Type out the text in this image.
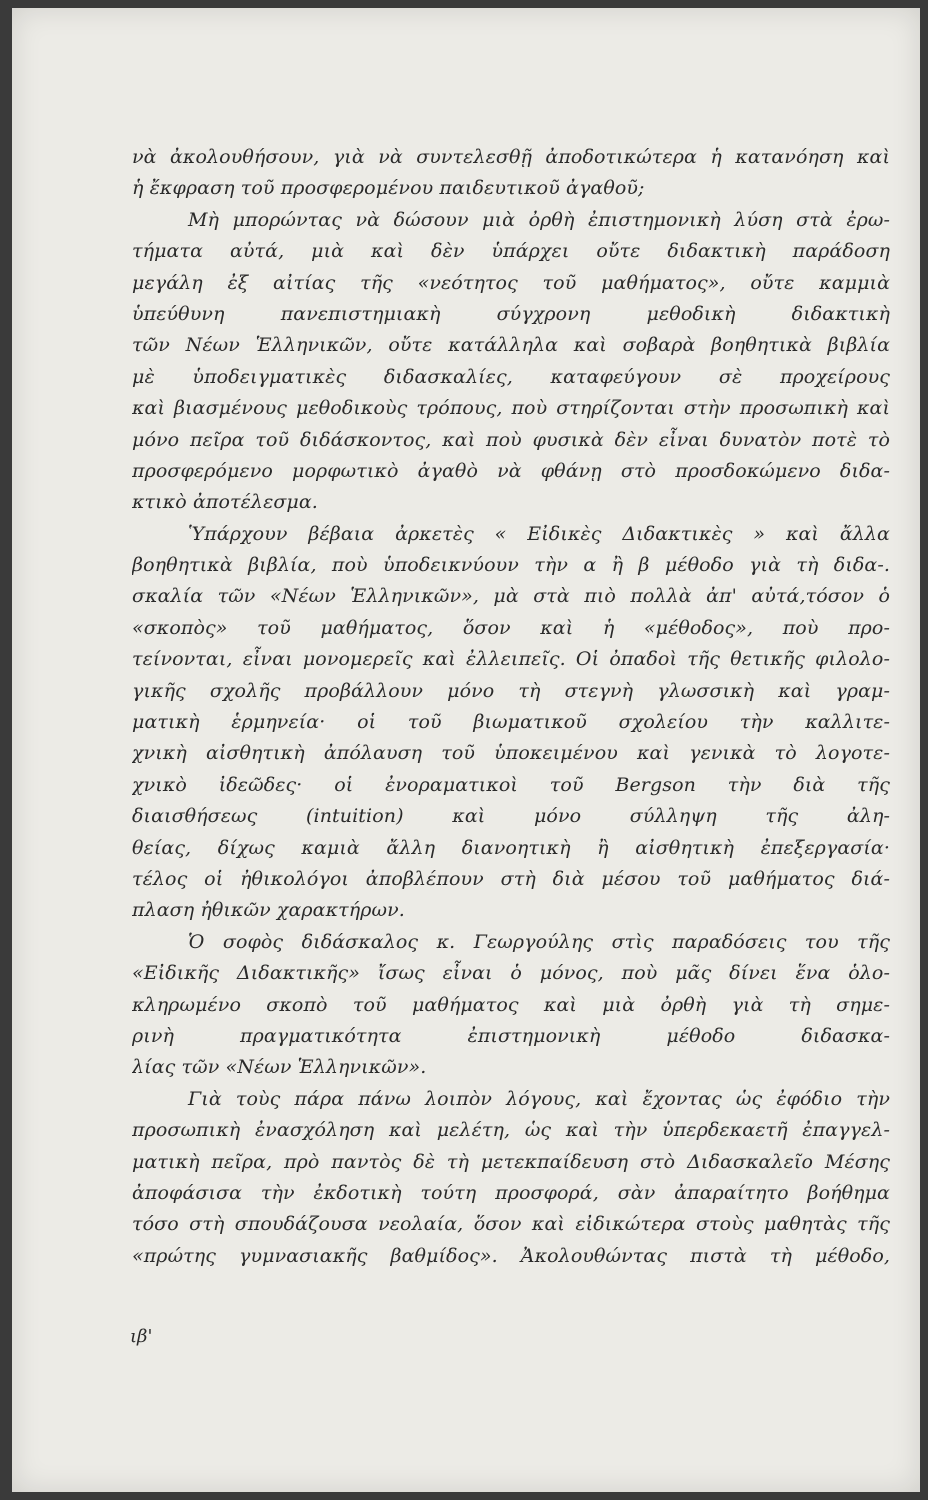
νὰ ἀκολουθήσουν, γιὰ νὰ συντελεσθῇ ἀποδοτικώτερα ἡ κατανόηση καὶ
ἡ ἔκφραση τοῦ προσφερομένου παιδευτικοῦ ἀγαθοῦ;
Μὴ μπορώντας νὰ δώσουν μιὰ ὀρθὴ ἐπιστημονικὴ λύση στὰ ἐρω-
τήματα αὐτά, μιὰ καὶ δὲν ὑπάρχει οὔτε διδακτικὴ παράδοση
μεγάλη ἐξ αἰτίας τῆς «νεότητος τοῦ μαθήματος», οὔτε καμμιὰ
ὑπεύθυνη πανεπιστημιακὴ σύγχρονη μεθοδικὴ διδακτικὴ
τῶν Νέων Ἑλληνικῶν, οὔτε κατάλληλα καὶ σοβαρὰ βοηθητικὰ βιβλία
μὲ ὑποδειγματικὲς διδασκαλίες, καταφεύγουν σὲ προχείρους
καὶ βιασμένους μεθοδικοὺς τρόπους, ποὺ στηρίζονται στὴν προσωπικὴ καὶ
μόνο πεῖρα τοῦ διδάσκοντος, καὶ ποὺ φυσικὰ δὲν εἶναι δυνατὸν ποτὲ τὸ
προσφερόμενο μορφωτικὸ ἀγαθὸ νὰ φθάνῃ στὸ προσδοκώμενο διδα-
κτικὸ ἀποτέλεσμα.
Ὑπάρχουν βέβαια ἀρκετὲς « Εἰδικὲς Διδακτικὲς » καὶ ἄλλα
βοηθητικὰ βιβλία, ποὺ ὑποδεικνύουν τὴν α ἢ β μέθοδο γιὰ τὴ διδα-.
σκαλία τῶν «Νέων Ἑλληνικῶν», μὰ στὰ πιὸ πολλὰ ἀπ' αὐτά,τόσον ὁ
«σκοπὸς» τοῦ μαθήματος, ὅσον καὶ ἡ «μέθοδος», ποὺ προ-
τείνονται, εἶναι μονομερεῖς καὶ ἐλλειπεῖς. Οἱ ὀπαδοὶ τῆς θετικῆς φιλολο-
γικῆς σχολῆς προβάλλουν μόνο τὴ στεγνὴ γλωσσικὴ καὶ γραμ-
ματικὴ ἑρμηνεία· οἱ τοῦ βιωματικοῦ σχολείου τὴν καλλιτε-
χνικὴ αἰσθητικὴ ἀπόλαυση τοῦ ὑποκειμένου καὶ γενικὰ τὸ λογοτε-
χνικὸ ἰδεῶδες· οἱ ἐνοραματικοὶ τοῦ Bergson τὴν διὰ τῆς
διαισθήσεως (intuition) καὶ μόνο σύλληψη τῆς ἀλη-
θείας, δίχως καμιὰ ἄλλη διανοητικὴ ἢ αἰσθητικὴ ἐπεξεργασία·
τέλος οἱ ἠθικολόγοι ἀποβλέπουν στὴ διὰ μέσου τοῦ μαθήματος διά-
πλαση ἠθικῶν χαρακτήρων.
Ὁ σοφὸς διδάσκαλος κ. Γεωργούλης στὶς παραδόσεις του τῆς
«Εἰδικῆς Διδακτικῆς» ἴσως εἶναι ὁ μόνος, ποὺ μᾶς δίνει ἕνα ὁλο-
κληρωμένο σκοπὸ τοῦ μαθήματος καὶ μιὰ ὀρθὴ γιὰ τὴ σημε-
ρινὴ πραγματικότητα ἐπιστημονικὴ μέθοδο διδασκα-
λίας τῶν «Νέων Ἑλληνικῶν».
Γιὰ τοὺς πάρα πάνω λοιπὸν λόγους, καὶ ἔχοντας ὡς ἐφόδιο τὴν
προσωπικὴ ἐνασχόληση καὶ μελέτη, ὡς καὶ τὴν ὑπερδεκαετῆ ἐπαγγελ-
ματικὴ πεῖρα, πρὸ παντὸς δὲ τὴ μετεκπαίδευση στὸ Διδασκαλεῖο Μέσης
ἀποφάσισα τὴν ἐκδοτικὴ τούτη προσφορά, σὰν ἀπαραίτητο βοήθημα
τόσο στὴ σπουδάζουσα νεολαία, ὅσον καὶ εἰδικώτερα στοὺς μαθητὰς τῆς
«πρώτης γυμνασιακῆς βαθμίδος». Ἀκολουθώντας πιστὰ τὴ μέθοδο,
ιβ'
